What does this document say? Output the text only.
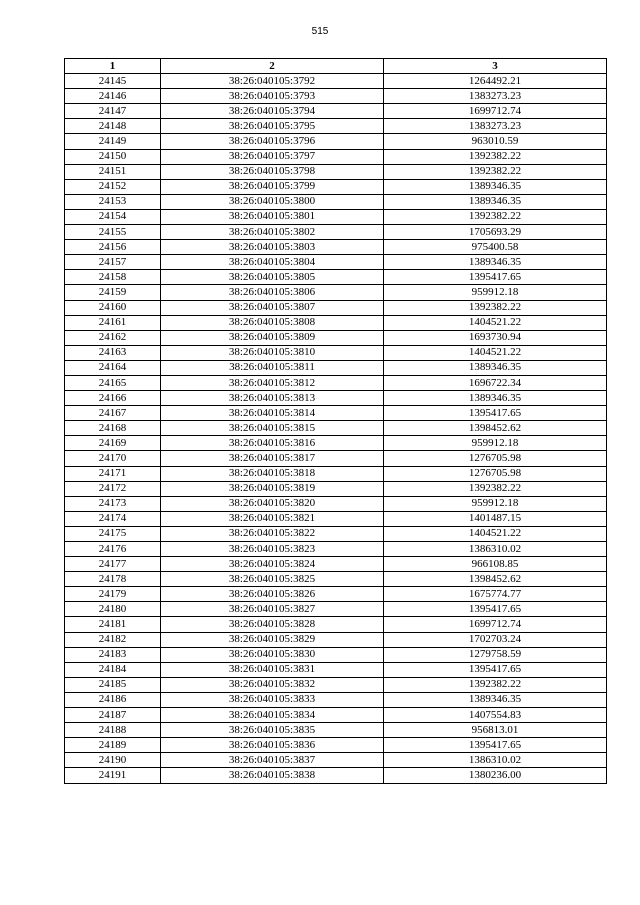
515
1	2	3
24145	38:26:040105:3792	1264492.21
24146	38:26:040105:3793	1383273.23
24147	38:26:040105:3794	1699712.74
24148	38:26:040105:3795	1383273.23
24149	38:26:040105:3796	963010.59
24150	38:26:040105:3797	1392382.22
24151	38:26:040105:3798	1392382.22
24152	38:26:040105:3799	1389346.35
24153	38:26:040105:3800	1389346.35
24154	38:26:040105:3801	1392382.22
24155	38:26:040105:3802	1705693.29
24156	38:26:040105:3803	975400.58
24157	38:26:040105:3804	1389346.35
24158	38:26:040105:3805	1395417.65
24159	38:26:040105:3806	959912.18
24160	38:26:040105:3807	1392382.22
24161	38:26:040105:3808	1404521.22
24162	38:26:040105:3809	1693730.94
24163	38:26:040105:3810	1404521.22
24164	38:26:040105:3811	1389346.35
24165	38:26:040105:3812	1696722.34
24166	38:26:040105:3813	1389346.35
24167	38:26:040105:3814	1395417.65
24168	38:26:040105:3815	1398452.62
24169	38:26:040105:3816	959912.18
24170	38:26:040105:3817	1276705.98
24171	38:26:040105:3818	1276705.98
24172	38:26:040105:3819	1392382.22
24173	38:26:040105:3820	959912.18
24174	38:26:040105:3821	1401487.15
24175	38:26:040105:3822	1404521.22
24176	38:26:040105:3823	1386310.02
24177	38:26:040105:3824	966108.85
24178	38:26:040105:3825	1398452.62
24179	38:26:040105:3826	1675774.77
24180	38:26:040105:3827	1395417.65
24181	38:26:040105:3828	1699712.74
24182	38:26:040105:3829	1702703.24
24183	38:26:040105:3830	1279758.59
24184	38:26:040105:3831	1395417.65
24185	38:26:040105:3832	1392382.22
24186	38:26:040105:3833	1389346.35
24187	38:26:040105:3834	1407554.83
24188	38:26:040105:3835	956813.01
24189	38:26:040105:3836	1395417.65
24190	38:26:040105:3837	1386310.02
24191	38:26:040105:3838	1380236.00
